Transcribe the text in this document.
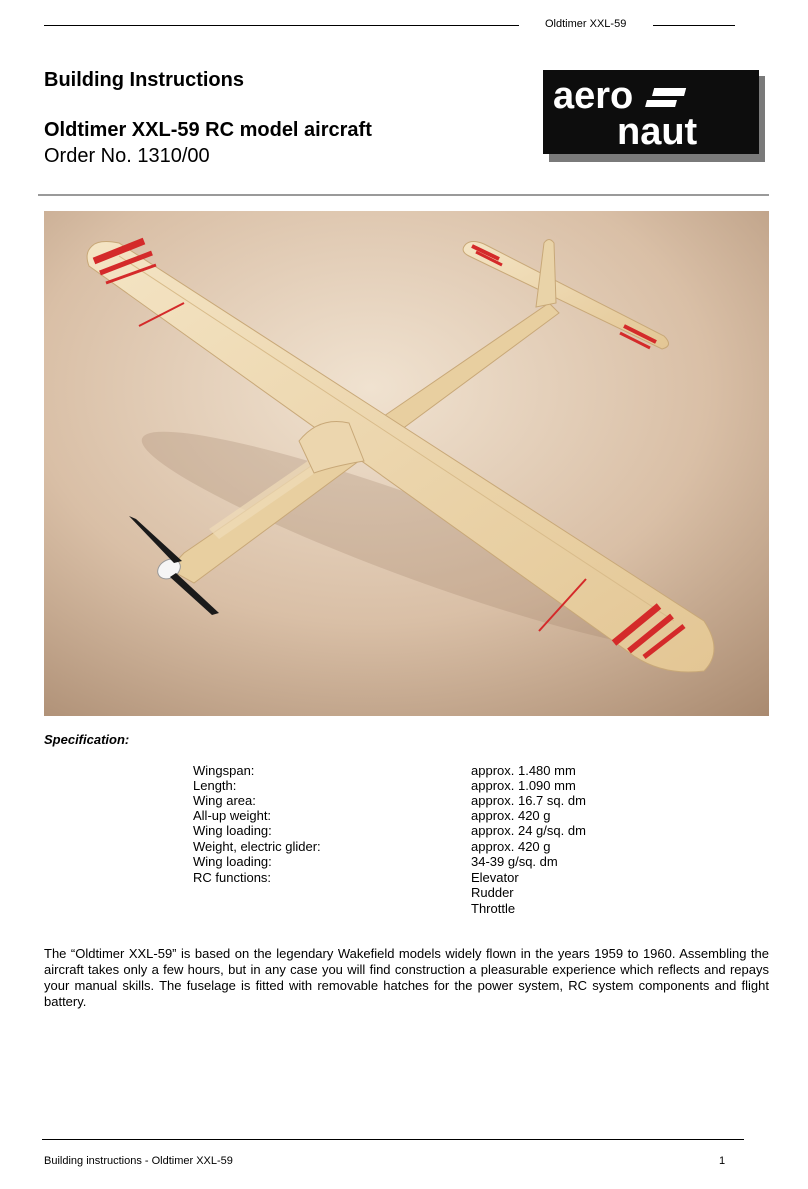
Oldtimer XXL-59
Building Instructions
Oldtimer XXL-59 RC model aircraft
Order No. 1310/00
aero
naut
Specification:
Wingspan:	approx. 1.480 mm
Length:	approx. 1.090 mm
Wing area:	approx. 16.7 sq. dm
All-up weight:	approx. 420 g
Wing loading:	approx. 24 g/sq. dm
Weight, electric glider:	approx. 420 g
Wing loading:	34-39 g/sq. dm
RC functions:	Elevator
Rudder
Throttle
The “Oldtimer XXL-59” is based on the legendary Wakefield models widely flown in the years 1959 to 1960. Assembling the aircraft takes only a few hours, but in any case you will find construction a pleasurable experience which reflects and repays your manual skills. The fuselage is fitted with removable hatches for the power system, RC system components and flight battery.
Building instructions - Oldtimer XXL-59	1
